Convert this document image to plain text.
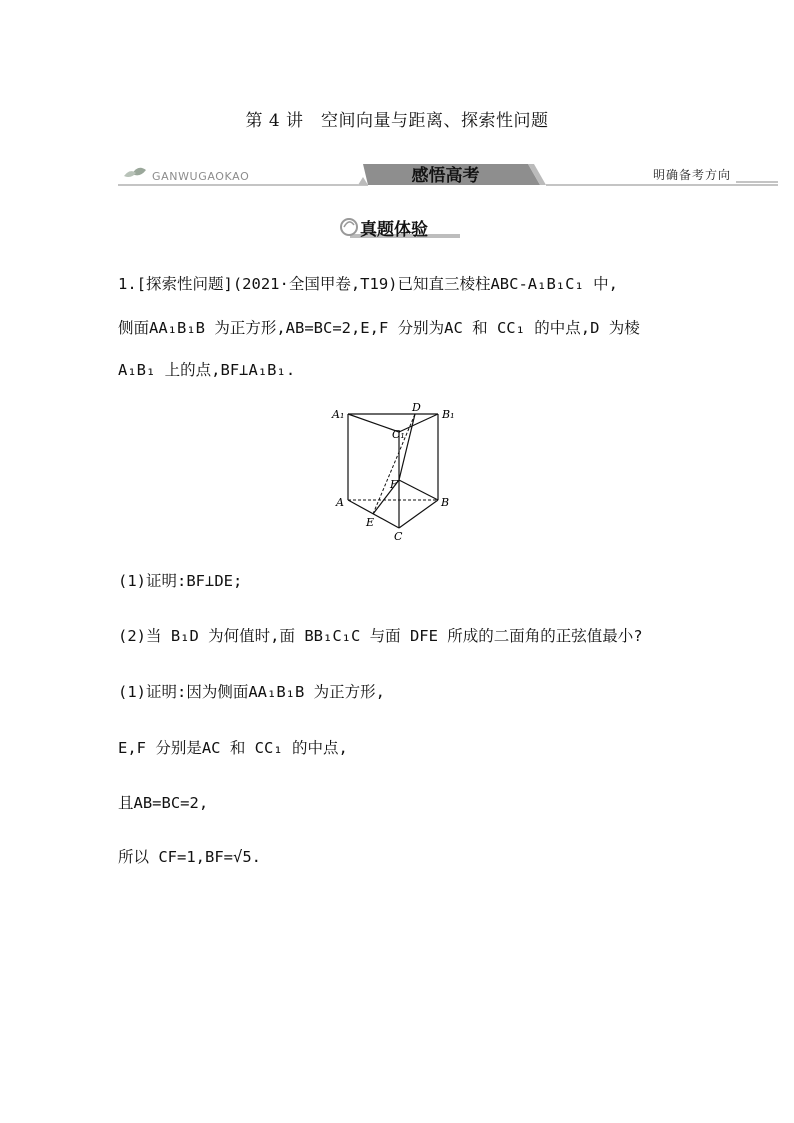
第 4 讲　空间向量与距离、探索性问题
GANWUGAOKAO	感悟高考	明确备考方向
真题体验
1.[探索性问题](2021·全国甲卷,T19)已知直三棱柱ABC-A₁B₁C₁ 中,
侧面AA₁B₁B 为正方形,AB=BC=2,E,F 分别为AC 和 CC₁ 的中点,D 为棱
A₁B₁ 上的点,BF⊥A₁B₁.
A₁
D
B₁
C₁
F
A	B
E
C
(1)证明:BF⊥DE;
(2)当 B₁D 为何值时,面 BB₁C₁C 与面 DFE 所成的二面角的正弦值最小?
(1)证明:因为侧面AA₁B₁B 为正方形,
E,F 分别是AC 和 CC₁ 的中点,
且AB=BC=2,
所以 CF=1,BF=√5.
